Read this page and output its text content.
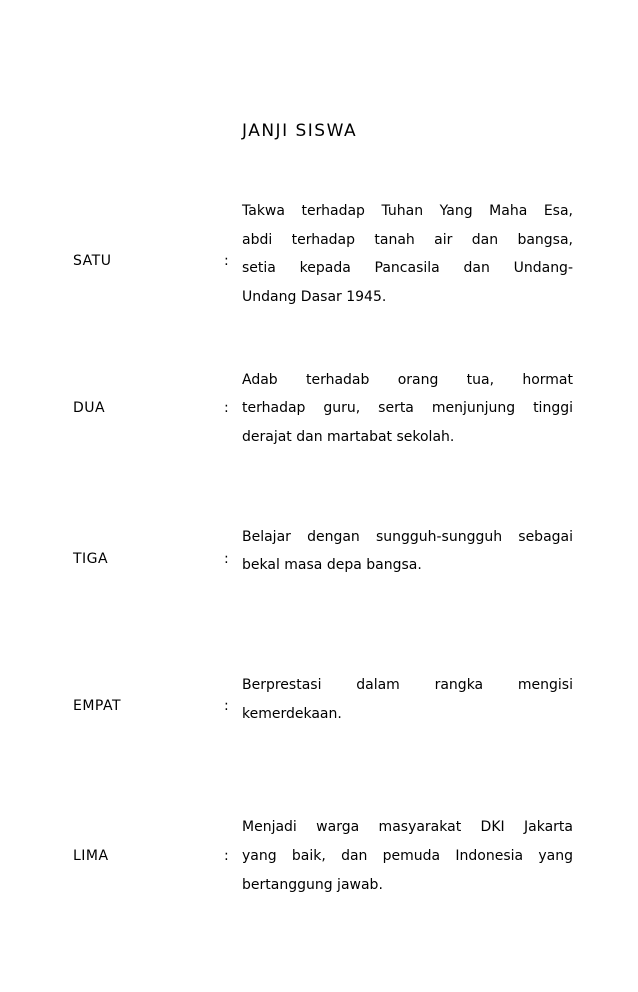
JANJI SISWA
SATU	:
Takwa terhadap Tuhan Yang Maha Esa,
abdi terhadap tanah air dan bangsa,
setia kepada Pancasila dan Undang-
Undang Dasar 1945.
DUA	:
Adab terhadab orang tua, hormat
terhadap guru, serta menjunjung tinggi
derajat dan martabat sekolah.
TIGA	:
Belajar dengan sungguh-sungguh sebagai
bekal masa depa bangsa.
EMPAT	:
Berprestasi dalam rangka mengisi
kemerdekaan.
LIMA	:
Menjadi warga masyarakat DKI Jakarta
yang baik, dan pemuda Indonesia yang
bertanggung jawab.
